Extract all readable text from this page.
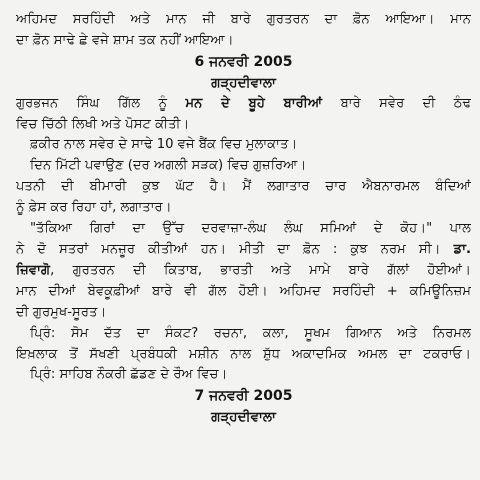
ਅਹਿਮਦ ਸਰਹਿੰਦੀ ਅਤੇ ਮਾਨ ਜੀ ਬਾਰੇ ਗੁਰਤਰਨ ਦਾ ਫ਼ੋਨ ਆਇਆ। ਮਾਨ
ਦਾ ਫ਼ੋਨ ਸਾਢੇ ਛੇ ਵਜੇ ਸ਼ਾਮ ਤਕ ਨਹੀਂ ਆਇਆ।
6 ਜਨਵਰੀ 2005
ਗੜ੍ਹਦੀਵਾਲਾ
ਗੁਰਭਜਨ ਸਿੰਘ ਗਿੱਲ ਨੂੰ ਮਨ ਦੇ ਬੂਹੇ ਬਾਰੀਆਂ ਬਾਰੇ ਸਵੇਰ ਦੀ ਠੰਢ
ਵਿਚ ਚਿੱਠੀ ਲਿਖੀ ਅਤੇ ਪੋਸਟ ਕੀਤੀ।
ਫ਼ਕੀਰ ਨਾਲ ਸਵੇਰ ਦੇ ਸਾਢੇ 10 ਵਜੇ ਬੈਂਕ ਵਿਚ ਮੁਲਾਕਾਤ।
ਦਿਨ ਮਿੱਟੀ ਪਵਾਉਣ (ਦਰ ਅਗਲੀ ਸੜਕ) ਵਿਚ ਗੁਜ਼ਰਿਆ।
ਪਤਨੀ ਦੀ ਬੀਮਾਰੀ ਕੁਝ ਘੱਟ ਹੈ। ਮੈਂ ਲਗਾਤਾਰ ਚਾਰ ਐਬਨਾਰਮਲ ਬੰਦਿਆਂ
ਨੂੰ ਫ਼ੇਸ ਕਰ ਰਿਹਾ ਹਾਂ, ਲਗਾਤਾਰ।
"ਤੱਕਿਆ ਗਿਰਾਂ ਦਾ ਉੱਚ ਦਰਵਾਜ਼ਾ-ਲੰਘ ਲੰਘ ਸਮਿਆਂ ਦੇ ਕੋਹ।" ਪਾਲ
ਨੇ ਦੋ ਸਤਰਾਂ ਮਨਜ਼ੂਰ ਕੀਤੀਆਂ ਹਨ। ਮੀਤੀ ਦਾ ਫ਼ੋਨ : ਕੁਝ ਨਰਮ ਸੀ। ਡਾ.
ਜ਼ਿਵਾਗੋ, ਗੁਰਤਰਨ ਦੀ ਕਿਤਾਬ, ਭਾਰਤੀ ਅਤੇ ਮਾਮੇ ਬਾਰੇ ਗੱਲਾਂ ਹੋਈਆਂ।
ਮਾਨ ਦੀਆਂ ਬੇਵਕੂਫ਼ੀਆਂ ਬਾਰੇ ਵੀ ਗੱਲ ਹੋਈ। ਅਹਿਮਦ ਸਰਹਿੰਦੀ + ਕਮਿਊਨਿਜ਼ਮ
ਦੀ ਗੁਰਮੁਖ-ਸੂਰਤ।
ਪ੍ਰਿੰ: ਸੋਮ ਦੱਤ ਦਾ ਸੰਕਟ? ਰਚਨਾ, ਕਲਾ, ਸੂਖਮ ਗਿਆਨ ਅਤੇ ਨਿਰਮਲ
ਇਖ਼ਲਾਕ ਤੋਂ ਸੱਖਣੀ ਪ੍ਰਬੰਧਕੀ ਮਸ਼ੀਨ ਨਾਲ ਸ਼ੁੱਧ ਅਕਾਦਮਿਕ ਅਮਲ ਦਾ ਟਕਰਾਓ।
ਪ੍ਰਿੰ: ਸਾਹਿਬ ਨੌਕਰੀ ਛੱਡਣ ਦੇ ਰੌਅ ਵਿਚ।
7 ਜਨਵਰੀ 2005
ਗੜ੍ਹਦੀਵਾਲਾ
